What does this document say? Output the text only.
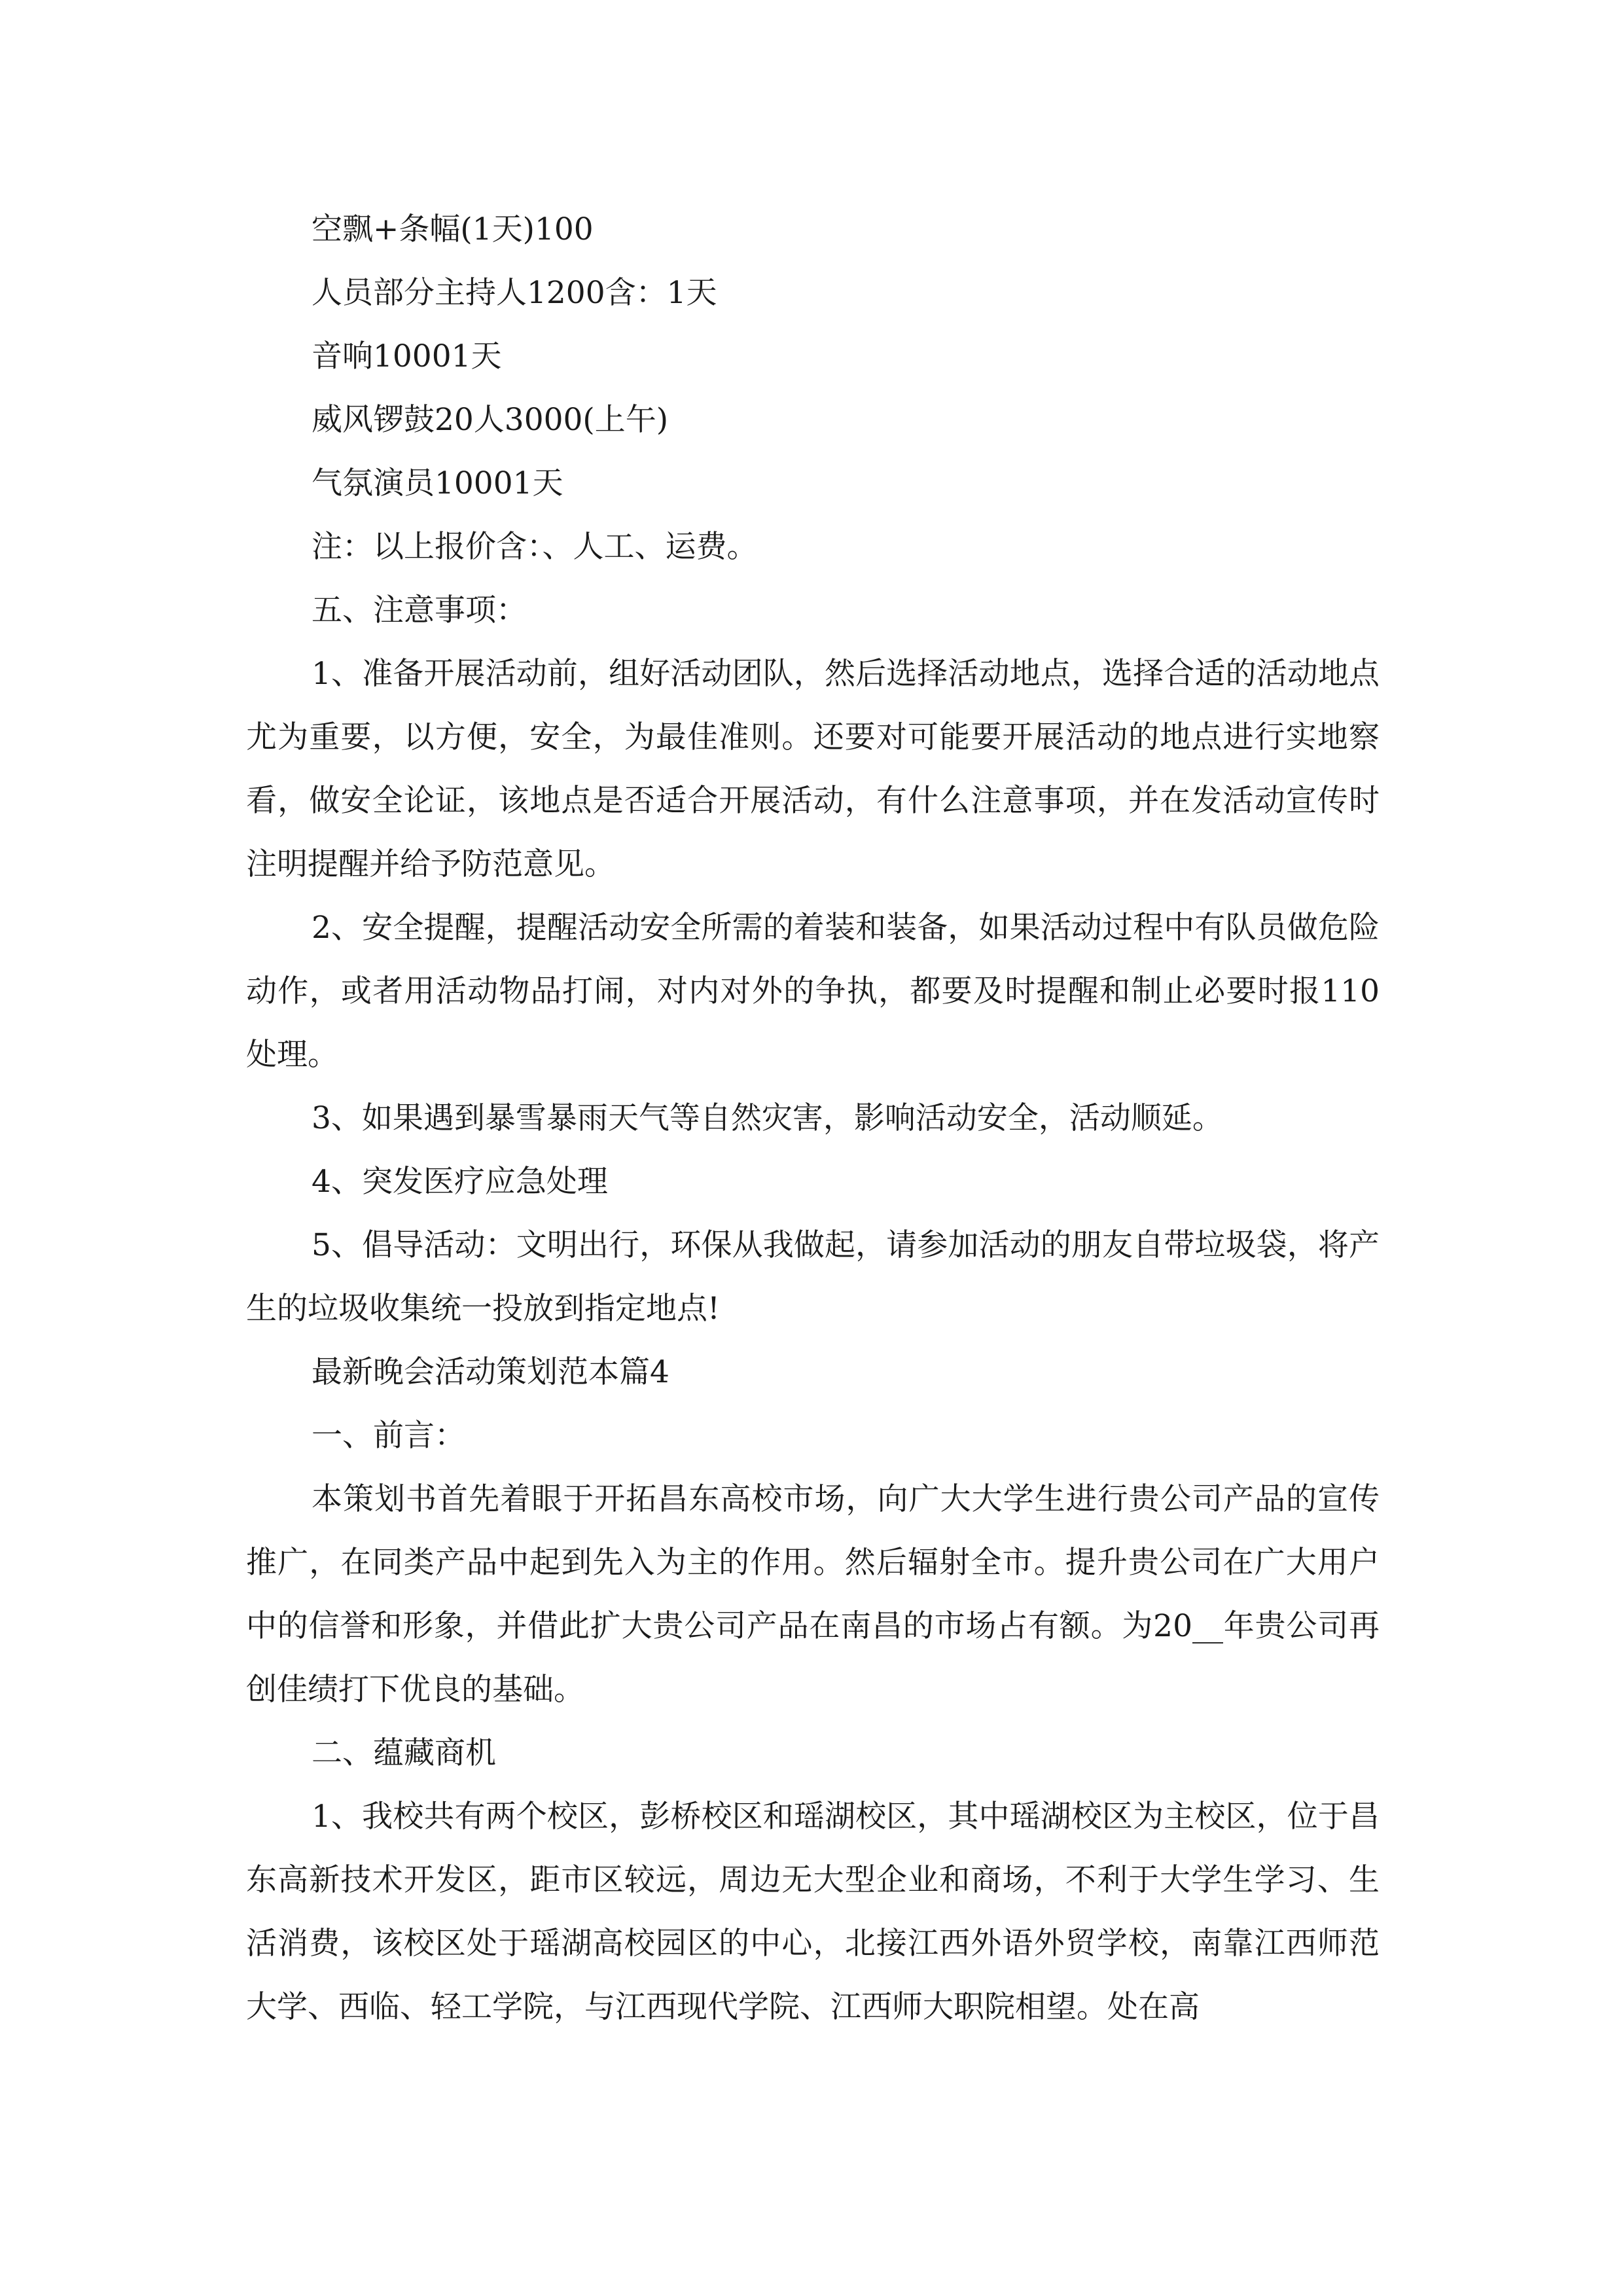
空飘+条幅(1天)100

人员部分主持人1200含：1天

音响10001天

威风锣鼓20人3000(上午)

气氛演员10001天

注：以上报价含：、人工、运费。

五、注意事项：

1、准备开展活动前，组好活动团队，然后选择活动地点，选择合适的活动地点尤为重要，以方便，安全，为最佳准则。还要对可能要开展活动的地点进行实地察看，做安全论证，该地点是否适合开展活动，有什么注意事项，并在发活动宣传时注明提醒并给予防范意见。

2、安全提醒，提醒活动安全所需的着装和装备，如果活动过程中有队员做危险动作，或者用活动物品打闹，对内对外的争执，都要及时提醒和制止必要时报110处理。

3、如果遇到暴雪暴雨天气等自然灾害，影响活动安全，活动顺延。

4、突发医疗应急处理

5、倡导活动：文明出行，环保从我做起，请参加活动的朋友自带垃圾袋，将产生的垃圾收集统一投放到指定地点!

最新晚会活动策划范本篇4

一、前言：

本策划书首先着眼于开拓昌东高校市场，向广大大学生进行贵公司产品的宣传推广，在同类产品中起到先入为主的作用。然后辐射全市。提升贵公司在广大用户中的信誉和形象，并借此扩大贵公司产品在南昌的市场占有额。为20__年贵公司再创佳绩打下优良的基础。

二、蕴藏商机

1、我校共有两个校区，彭桥校区和瑶湖校区，其中瑶湖校区为主校区，位于昌东高新技术开发区，距市区较远，周边无大型企业和商场，不利于大学生学习、生活消费，该校区处于瑶湖高校园区的中心，北接江西外语外贸学校，南靠江西师范大学、西临、轻工学院，与江西现代学院、江西师大职院相望。处在高
